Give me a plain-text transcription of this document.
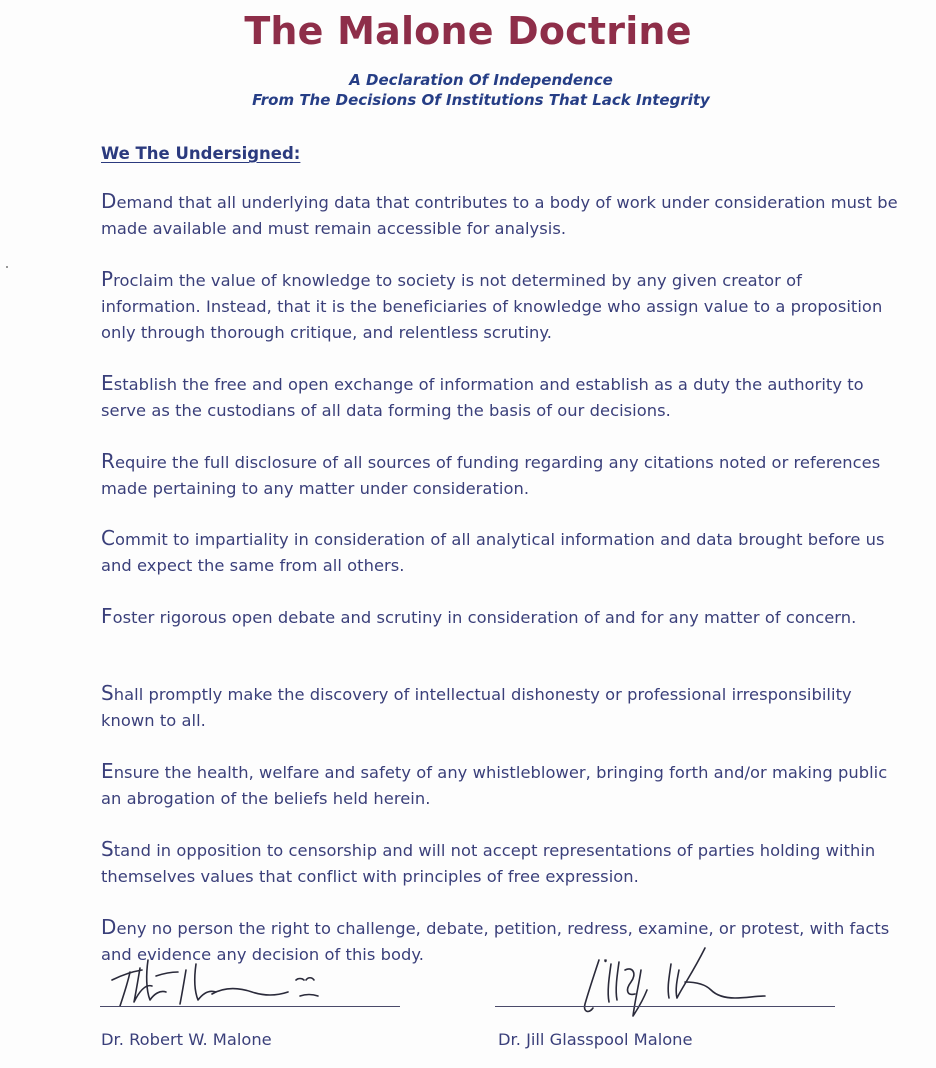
The Malone Doctrine
A Declaration Of Independence
From The Decisions Of Institutions That Lack Integrity
We The Undersigned:

Demand that all underlying data that contributes to a body of work under consideration must be made available and must remain accessible for analysis.

Proclaim the value of knowledge to society is not determined by any given creator of information. Instead, that it is the beneficiaries of knowledge who assign value to a proposition only through thorough critique, and relentless scrutiny.

Establish the free and open exchange of information and establish as a duty the authority to serve as the custodians of all data forming the basis of our decisions.

Require the full disclosure of all sources of funding regarding any citations noted or references made pertaining to any matter under consideration.

Commit to impartiality in consideration of all analytical information and data brought before us and expect the same from all others.

Foster rigorous open debate and scrutiny in consideration of and for any matter of concern.

Shall promptly make the discovery of intellectual dishonesty or professional irresponsibility known to all.

Ensure the health, welfare and safety of any whistleblower, bringing forth and/or making public an abrogation of the beliefs held herein.

Stand in opposition to censorship and will not accept representations of parties holding within themselves values that conflict with principles of free expression.

Deny no person the right to challenge, debate, petition, redress, examine, or protest, with facts and evidence any decision of this body.

Dr. Robert W. Malone	Dr. Jill Glasspool Malone
